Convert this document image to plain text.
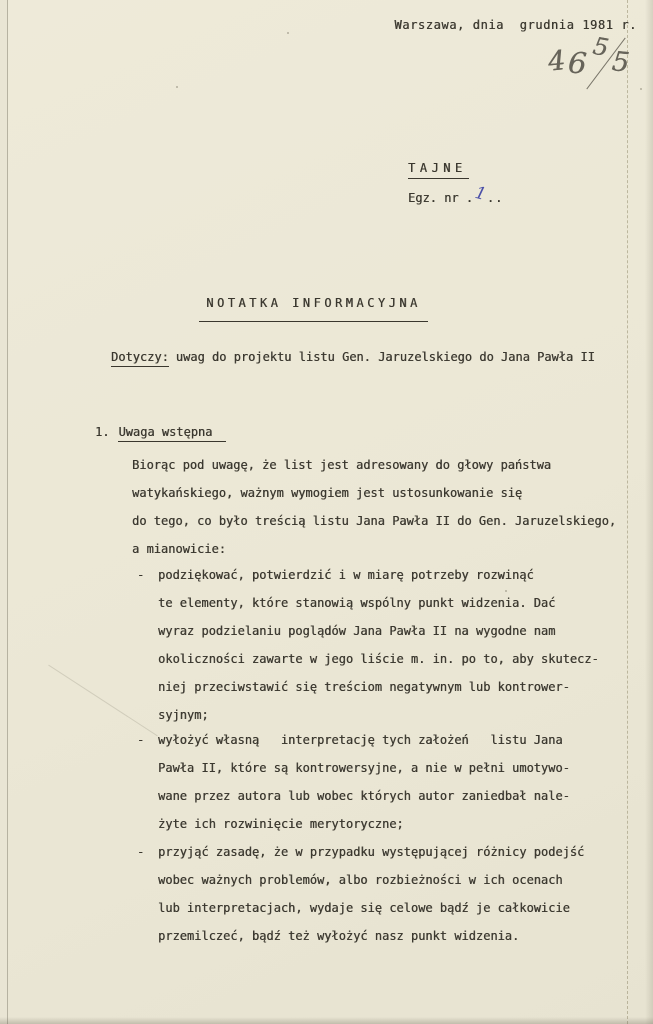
Warszawa, dnia  grudnia 1981 r.
4 6 5 5
TAJNE
Egz. nr .1..
NOTATKA INFORMACYJNA
Dotyczy: uwag do projektu listu Gen. Jaruzelskiego do Jana Pawła II
1. Uwaga wstępna
Biorąc pod uwagę, że list jest adresowany do głowy państwa
watykańskiego, ważnym wymogiem jest ustosunkowanie się
do tego, co było treścią listu Jana Pawła II do Gen. Jaruzelskiego,
a mianowicie:
-	podziękować, potwierdzić i w miarę potrzeby rozwinąć
te elementy, które stanowią wspólny punkt widzenia. Dać
wyraz podzielaniu poglądów Jana Pawła II na wygodne nam
okoliczności zawarte w jego liście m. in. po to, aby skutecz-
niej przeciwstawić się treściom negatywnym lub kontrower-
syjnym;
-	wyłożyć własną   interpretację tych założeń   listu Jana
Pawła II, które są kontrowersyjne, a nie w pełni umotywo-
wane przez autora lub wobec których autor zaniedbał nale-
żyte ich rozwinięcie merytoryczne;
-	przyjąć zasadę, że w przypadku występującej różnicy podejść
wobec ważnych problemów, albo rozbieżności w ich ocenach
lub interpretacjach, wydaje się celowe bądź je całkowicie
przemilczeć, bądź też wyłożyć nasz punkt widzenia.
